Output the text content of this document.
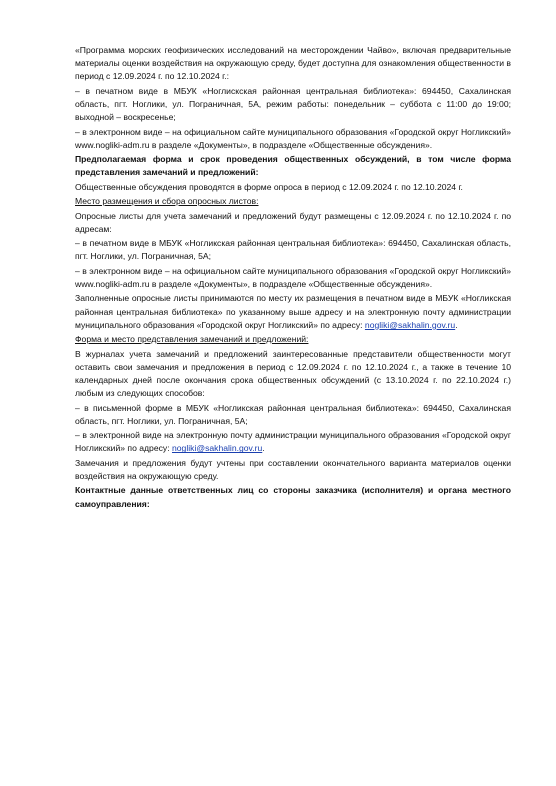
«Программа морских геофизических исследований на месторождении Чайво», включая предварительные материалы оценки воздействия на окружающую среду, будет доступна для ознакомления общественности в период с 12.09.2024 г. по 12.10.2024 г.:

– в печатном виде в МБУК «Ноглискская районная центральная библиотека»: 694450, Сахалинская область, пгт. Ноглики, ул. Пограничная, 5А, режим работы: понедельник – суббота с 11:00 до 19:00; выходной – воскресенье;

– в электронном виде – на официальном сайте муниципального образования «Городской округ Ногликский» www.nogliki-adm.ru в разделе «Документы», в подразделе «Общественные обсуждения».

Предполагаемая форма и срок проведения общественных обсуждений, в том числе форма представления замечаний и предложений:

Общественные обсуждения проводятся в форме опроса в период с 12.09.2024 г. по 12.10.2024 г.

Место размещения и сбора опросных листов:

Опросные листы для учета замечаний и предложений будут размещены с 12.09.2024 г. по 12.10.2024 г. по адресам:

– в печатном виде в МБУК «Ногликская районная центральная библиотека»: 694450, Сахалинская область, пгт. Ноглики, ул. Пограничная, 5А;

– в электронном виде – на официальном сайте муниципального образования «Городской округ Ногликский» www.nogliki-adm.ru в разделе «Документы», в подразделе «Общественные обсуждения».

Заполненные опросные листы принимаются по месту их размещения в печатном виде в МБУК «Ногликская районная центральная библиотека» по указанному выше адресу и на электронную почту администрации муниципального образования «Городской округ Ногликский» по адресу: nogliki@sakhalin.gov.ru.

Форма и место представления замечаний и предложений:

В журналах учета замечаний и предложений заинтересованные представители общественности могут оставить свои замечания и предложения в период с 12.09.2024 г. по 12.10.2024 г., а также в течение 10 календарных дней после окончания срока общественных обсуждений (с 13.10.2024 г. по 22.10.2024 г.) любым из следующих способов:

– в письменной форме в МБУК «Ногликская районная центральная библиотека»: 694450, Сахалинская область, пгт. Ноглики, ул. Пограничная, 5А;

– в электронной виде на электронную почту администрации муниципального образования «Городской округ Ногликский» по адресу: nogliki@sakhalin.gov.ru.

Замечания и предложения будут учтены при составлении окончательного варианта материалов оценки воздействия на окружающую среду.

Контактные данные ответственных лиц со стороны заказчика (исполнителя) и органа местного самоуправления:
